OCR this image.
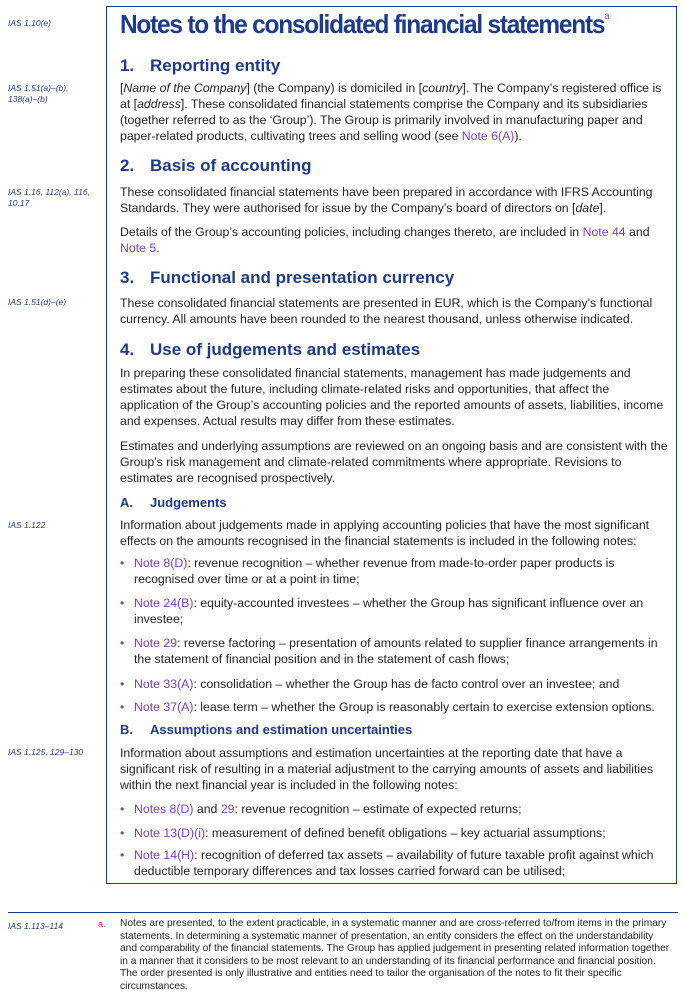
IAS 1.10(e)
IAS 1.51(a)–(b),
138(a)–(b)
IAS 1.16, 112(a), 116,
10.17
IAS 1.51(d)–(e)
IAS 1.122
IAS 1.125, 129–130
Notes to the consolidated financial statements$^a$
1. Reporting entity

[Name of the Company] (the Company) is domiciled in [country]. The Company’s registered office is at [address]. These consolidated financial statements comprise the Company and its subsidiaries (together referred to as the ‘Group’). The Group is primarily involved in manufacturing paper and paper-related products, cultivating trees and selling wood (see Note 6(A)).

2. Basis of accounting

These consolidated financial statements have been prepared in accordance with IFRS Accounting Standards. They were authorised for issue by the Company’s board of directors on [date].

Details of the Group’s accounting policies, including changes thereto, are included in Note 44 and Note 5.

3. Functional and presentation currency

These consolidated financial statements are presented in EUR, which is the Company’s functional currency. All amounts have been rounded to the nearest thousand, unless otherwise indicated.

4. Use of judgements and estimates

In preparing these consolidated financial statements, management has made judgements and estimates about the future, including climate-related risks and opportunities, that affect the application of the Group’s accounting policies and the reported amounts of assets, liabilities, income and expenses. Actual results may differ from these estimates.

Estimates and underlying assumptions are reviewed on an ongoing basis and are consistent with the Group’s risk management and climate-related commitments where appropriate. Revisions to estimates are recognised prospectively.

A. Judgements

Information about judgements made in applying accounting policies that have the most significant effects on the amounts recognised in the financial statements is included in the following notes:

• Note 8(D): revenue recognition – whether revenue from made-to-order paper products is recognised over time or at a point in time;
• Note 24(B): equity-accounted investees – whether the Group has significant influence over an investee;
• Note 29: reverse factoring – presentation of amounts related to supplier finance arrangements in the statement of financial position and in the statement of cash flows;
• Note 33(A): consolidation – whether the Group has de facto control over an investee; and
• Note 37(A): lease term – whether the Group is reasonably certain to exercise extension options.
B. Assumptions and estimation uncertainties

Information about assumptions and estimation uncertainties at the reporting date that have a significant risk of resulting in a material adjustment to the carrying amounts of assets and liabilities within the next financial year is included in the following notes:

• Notes 8(D) and 29: revenue recognition – estimate of expected returns;
• Note 13(D)(i): measurement of defined benefit obligations – key actuarial assumptions;
• Note 14(H): recognition of deferred tax assets – availability of future taxable profit against which deductible temporary differences and tax losses carried forward can be utilised;
IAS 1.113–114	a. Notes are presented, to the extent practicable, in a systematic manner and are cross-referred to/from items in the primary statements. In determining a systematic manner of presentation, an entity considers the effect on the understandability and comparability of the financial statements. The Group has applied judgement in presenting related information together in a manner that it considers to be most relevant to an understanding of its financial performance and financial position. The order presented is only illustrative and entities need to tailor the organisation of the notes to fit their specific circumstances.
